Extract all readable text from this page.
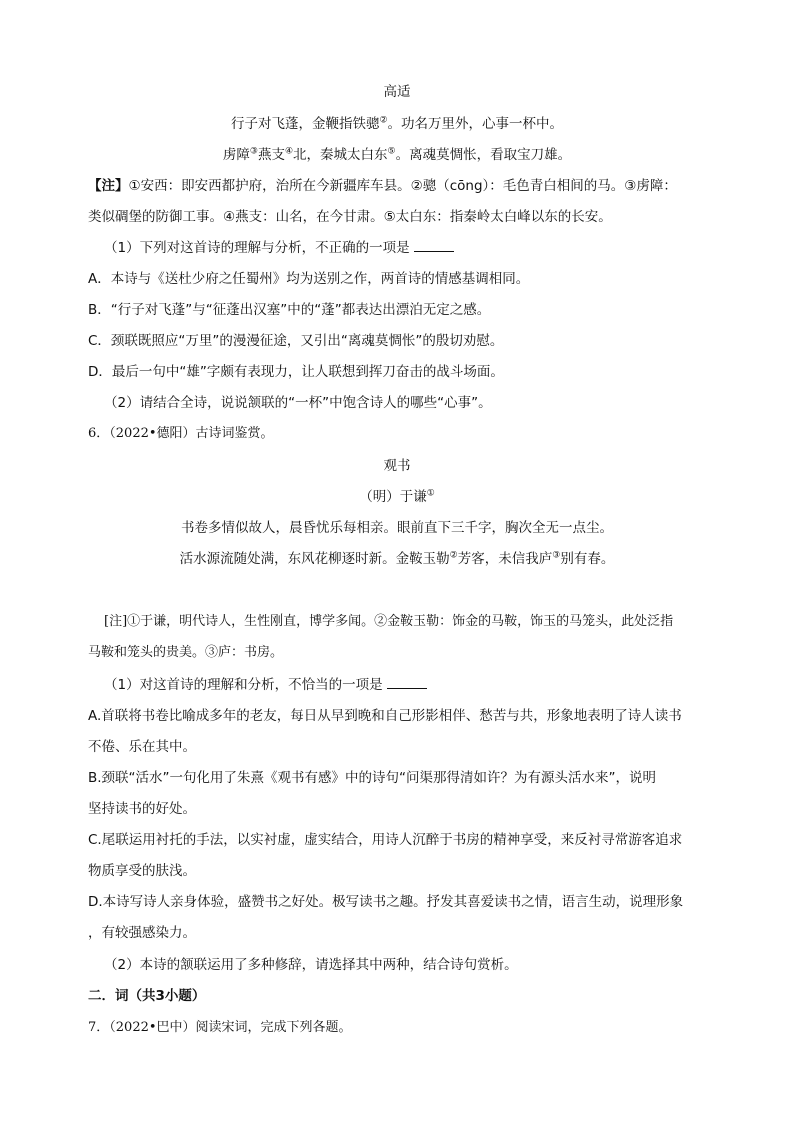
高适
行子对飞蓬，金鞭指铁骢②。功名万里外，心事一杯中。
虏障③燕支④北，秦城太白东⑤。离魂莫惆怅，看取宝刀雄。
【注】①安西：即安西都护府，治所在今新疆库车县。②骢（cōng）：毛色青白相间的马。③虏障：
类似碉堡的防御工事。④燕支：山名，在今甘肃。⑤太白东：指秦岭太白峰以东的长安。
（1）下列对这首诗的理解与分析，不正确的一项是
A．本诗与《送杜少府之任蜀州》均为送别之作，两首诗的情感基调相同。
B．“行子对飞蓬”与“征蓬出汉塞”中的“蓬”都表达出漂泊无定之感。
C．颈联既照应“万里”的漫漫征途，又引出“离魂莫惆怅”的殷切劝慰。
D．最后一句中“雄”字颇有表现力，让人联想到挥刀奋击的战斗场面。
（2）请结合全诗，说说颔联的“一杯”中饱含诗人的哪些“心事”。
6．（2022•德阳）古诗词鉴赏。
观书
（明）于谦①
书卷多情似故人，晨昏忧乐每相亲。眼前直下三千字，胸次全无一点尘。
活水源流随处满，东风花柳逐时新。金鞍玉勒②芳客，未信我庐③别有春。
[注]①于谦，明代诗人，生性刚直，博学多闻。②金鞍玉勒：饰金的马鞍，饰玉的马笼头，此处泛指
马鞍和笼头的贵美。③庐：书房。
（1）对这首诗的理解和分析，不恰当的一项是
A.首联将书卷比喻成多年的老友，每日从早到晚和自己形影相伴、愁苦与共，形象地表明了诗人读书
不倦、乐在其中。
B.颈联“活水”一句化用了朱熹《观书有感》中的诗句“问渠那得清如许？为有源头活水来”，说明
坚持读书的好处。
C.尾联运用衬托的手法，以实衬虚，虚实结合，用诗人沉醉于书房的精神享受，来反衬寻常游客追求
物质享受的肤浅。
D.本诗写诗人亲身体验，盛赞书之好处。极写读书之趣。抒发其喜爱读书之情，语言生动，说理形象
，有较强感染力。
（2）本诗的颔联运用了多种修辞，请选择其中两种，结合诗句赏析。
二．词（共3小题）
7．（2022•巴中）阅读宋词，完成下列各题。
